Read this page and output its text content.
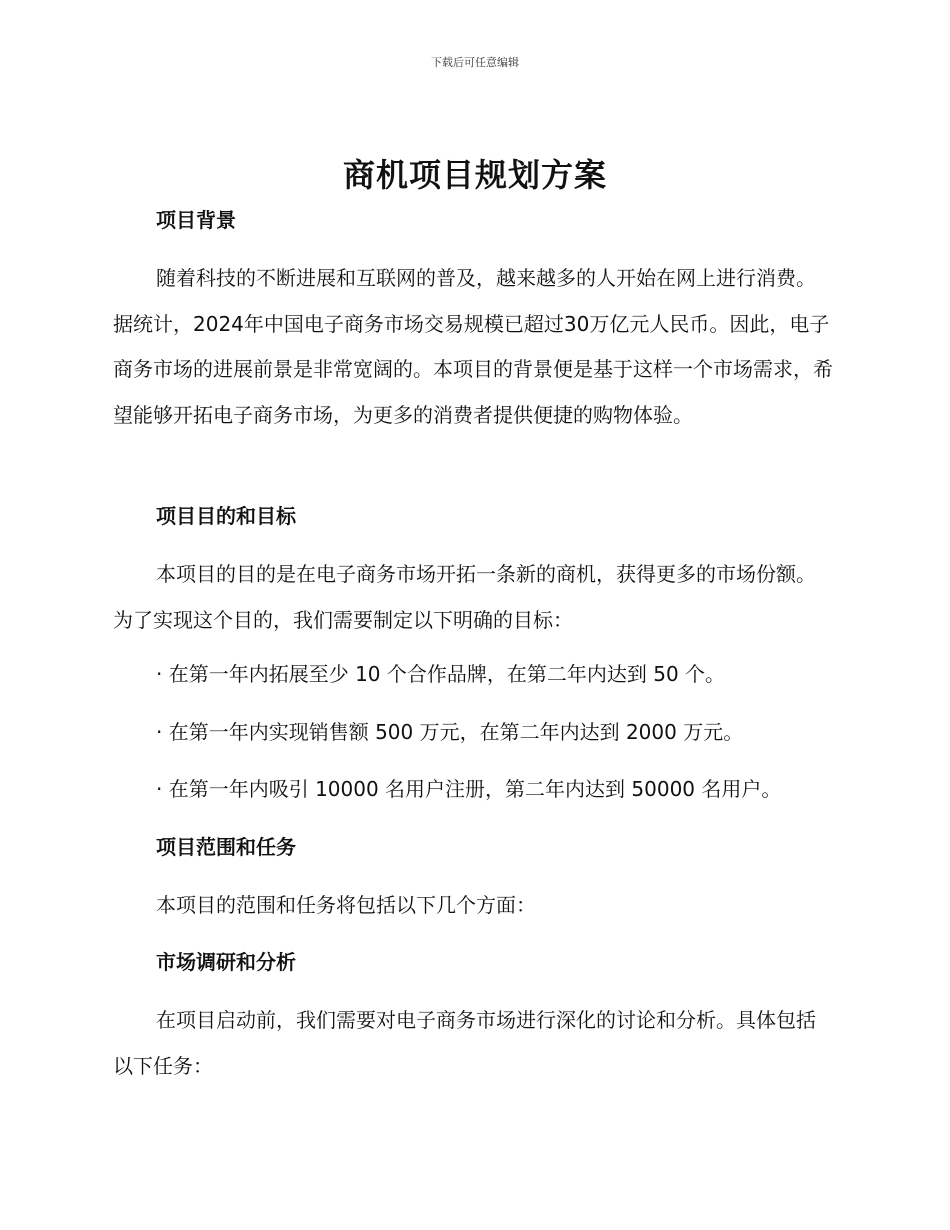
下载后可任意编辑
商机项目规划方案
项目背景
随着科技的不断进展和互联网的普及，越来越多的人开始在网上进行消费。据统计，2024年中国电子商务市场交易规模已超过30万亿元人民币。因此，电子商务市场的进展前景是非常宽阔的。本项目的背景便是基于这样一个市场需求，希望能够开拓电子商务市场，为更多的消费者提供便捷的购物体验。
项目目的和目标
本项目的目的是在电子商务市场开拓一条新的商机，获得更多的市场份额。为了实现这个目的，我们需要制定以下明确的目标：
· 在第一年内拓展至少 10 个合作品牌，在第二年内达到 50 个。
· 在第一年内实现销售额 500 万元，在第二年内达到 2000 万元。
· 在第一年内吸引 10000 名用户注册，第二年内达到 50000 名用户。
项目范围和任务
本项目的范围和任务将包括以下几个方面：
市场调研和分析
在项目启动前，我们需要对电子商务市场进行深化的讨论和分析。具体包括以下任务：
